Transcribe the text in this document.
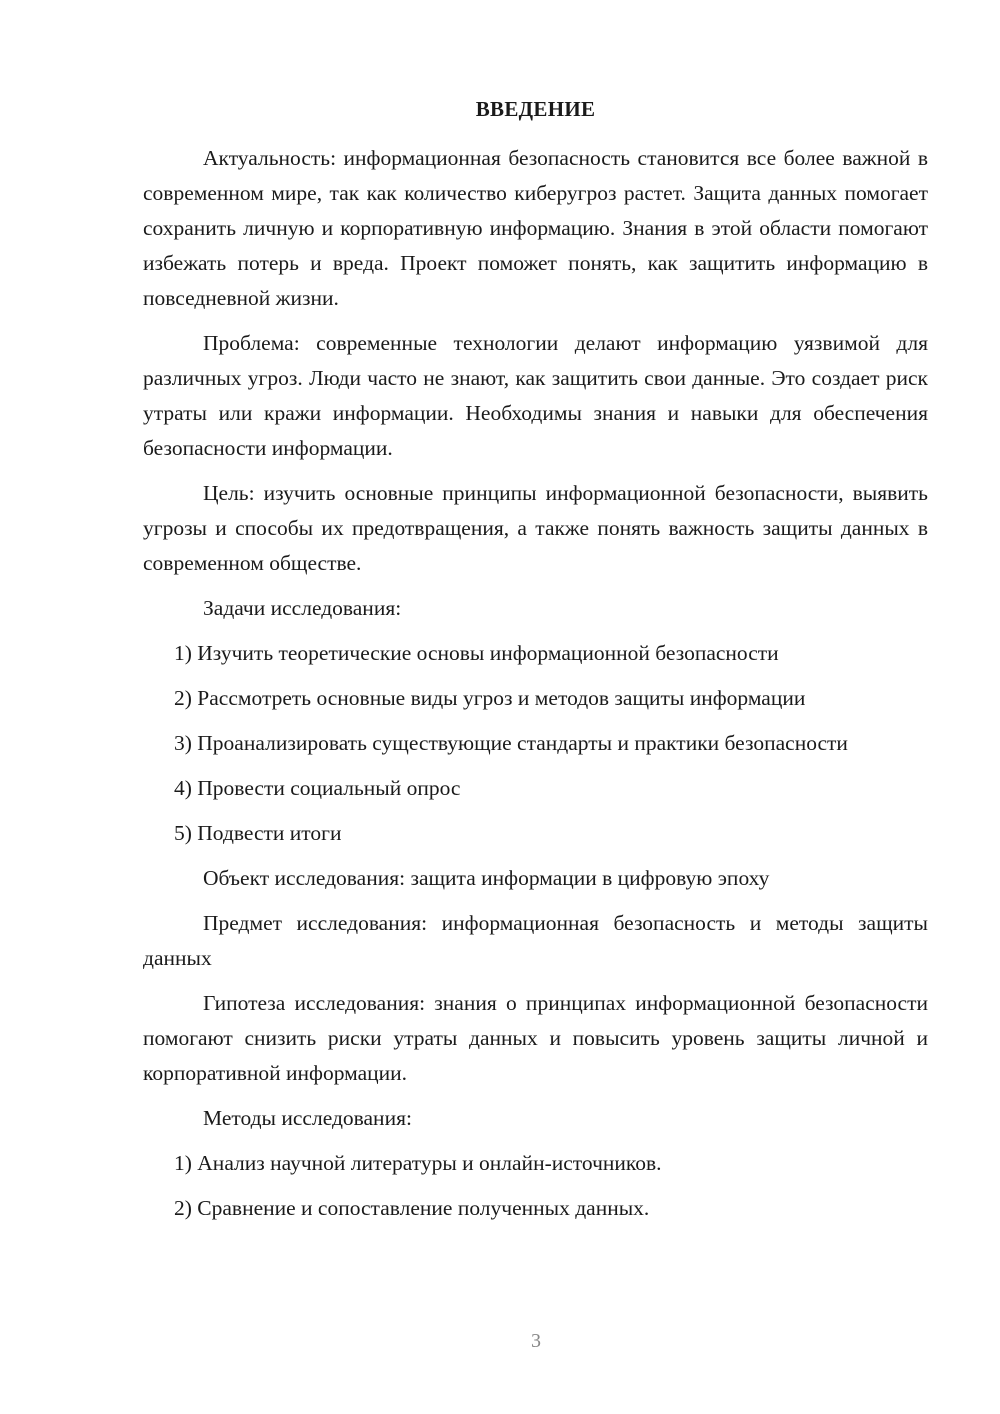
ВВЕДЕНИЕ

Актуальность: информационная безопасность становится все более важной в современном мире, так как количество киберугроз растет. Защита данных помогает сохранить личную и корпоративную информацию. Знания в этой области помогают избежать потерь и вреда. Проект поможет понять, как защитить информацию в повседневной жизни.

Проблема: современные технологии делают информацию уязвимой для различных угроз. Люди часто не знают, как защитить свои данные. Это создает риск утраты или кражи информации. Необходимы знания и навыки для обеспечения безопасности информации.

Цель: изучить основные принципы информационной безопасности, выявить угрозы и способы их предотвращения, а также понять важность защиты данных в современном обществе.

Задачи исследования:

1) Изучить теоретические основы информационной безопасности

2) Рассмотреть основные виды угроз и методов защиты информации

3) Проанализировать существующие стандарты и практики безопасности

4) Провести социальный опрос

5) Подвести итоги

Объект исследования: защита информации в цифровую эпоху

Предмет исследования: информационная безопасность и методы защиты данных

Гипотеза исследования: знания о принципах информационной безопасности помогают снизить риски утраты данных и повысить уровень защиты личной и корпоративной информации.

Методы исследования:

1) Анализ научной литературы и онлайн-источников.

2) Сравнение и сопоставление полученных данных.

3
